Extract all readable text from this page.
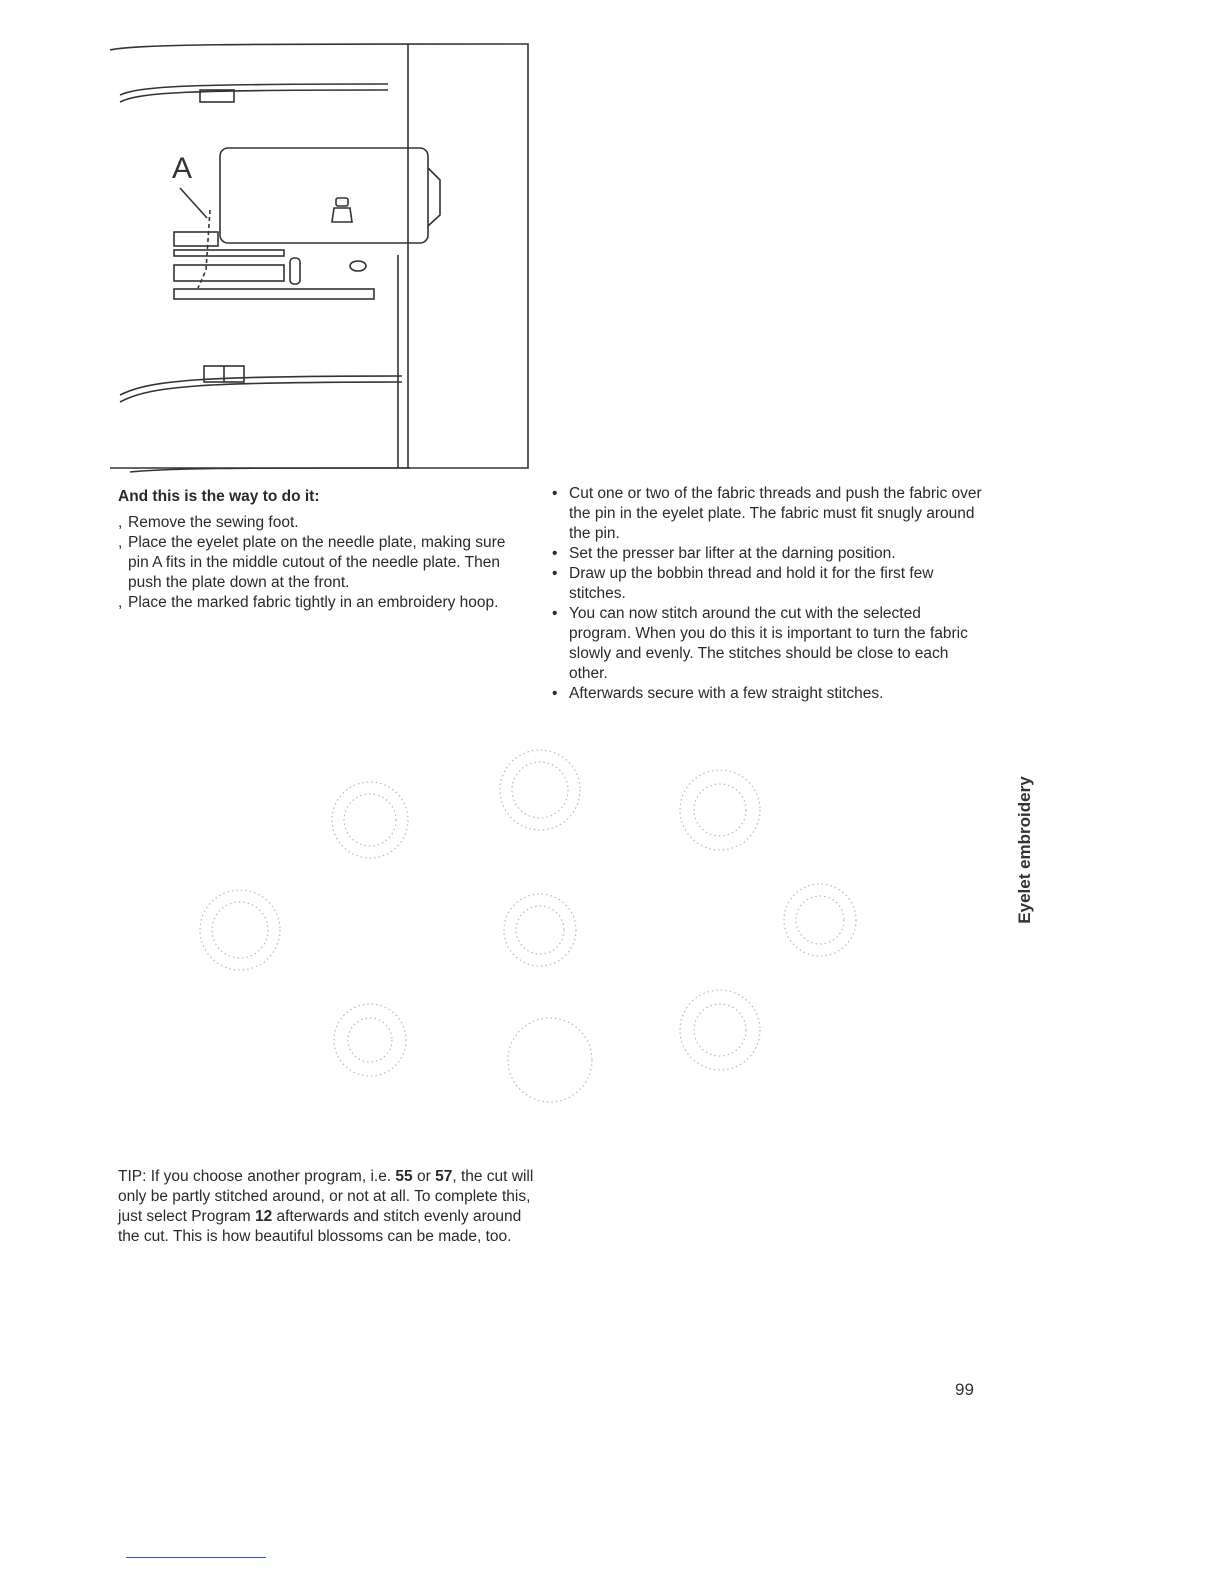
A
And this is the way to do it:
, Remove the sewing foot.
, Place the eyelet plate on the needle plate, making sure pin A fits in the middle cutout of the needle plate. Then push the plate down at the front.
, Place the marked fabric tightly in an embroidery hoop.
• Cut one or two of the fabric threads and push the fabric over the pin in the eyelet plate. The fabric must fit snugly around the pin.
• Set the presser bar lifter at the darning position.
• Draw up the bobbin thread and hold it for the first few stitches.
• You can now stitch around the cut with the selected program. When you do this it is important to turn the fabric slowly and evenly. The stitches should be close to each other.
• Afterwards secure with a few straight stitches.
TIP: If you choose another program, i.e. 55 or 57, the cut will only be partly stitched around, or not at all. To complete this, just select Program 12 afterwards and stitch evenly around the cut. This is how beautiful blossoms can be made, too.
Eyelet embroidery
99
